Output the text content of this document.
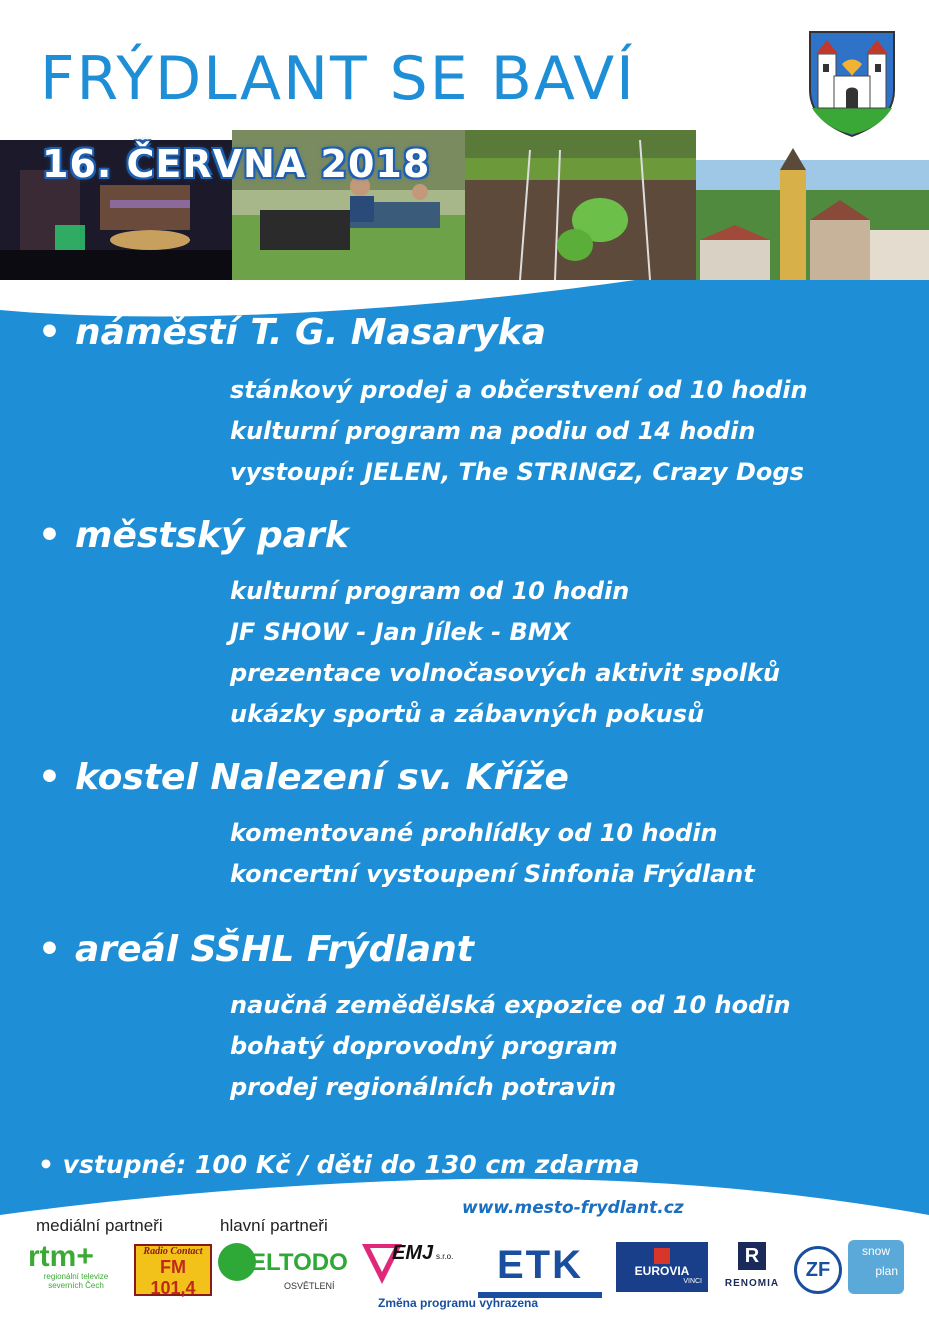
FRÝDLANT SE BAVÍ
16. ČERVNA 2018
• náměstí T. G. Masaryka
stánkový prodej a občerstvení od 10 hodin
kulturní program na podiu od 14 hodin
vystoupí: JELEN, The STRINGZ, Crazy Dogs
• městský park
kulturní program od 10 hodin
JF SHOW - Jan Jílek - BMX
prezentace volnočasových aktivit spolků
ukázky sportů a zábavných pokusů
• kostel Nalezení sv. Kříže
komentované prohlídky od 10 hodin
koncertní vystoupení Sinfonia Frýdlant
• areál SŠHL Frýdlant
naučná zemědělská expozice od 10 hodin
bohatý doprovodný program
prodej regionálních potravin
• vstupné: 100 Kč / děti do 130 cm zdarma
www.mesto-frydlant.cz
mediální partneři	hlavní partneři
rtm+
regionální televize
severních Čech
Radio Contact
FM 101,4
ELTODO
OSVĚTLENÍ
EMJ s.r.o.	ETK	EUROVIA
VINCI
R
RENOMIA
ZF
snow
plan
Změna programu vyhrazena
